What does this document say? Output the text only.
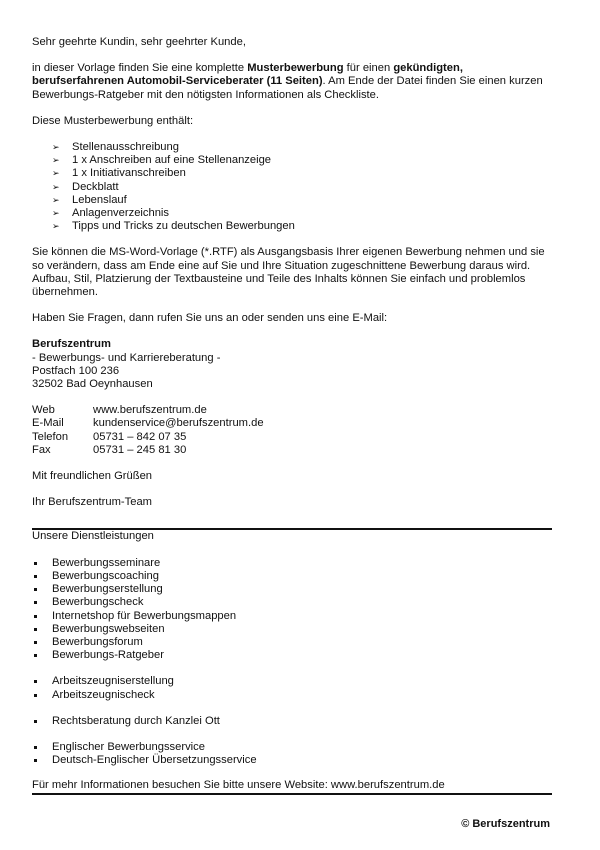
Sehr geehrte Kundin, sehr geehrter Kunde,

in dieser Vorlage finden Sie eine komplette Musterbewerbung für einen gekündigten, berufserfahrenen Automobil-Serviceberater (11 Seiten). Am Ende der Datei finden Sie einen kurzen Bewerbungs-Ratgeber mit den nötigsten Informationen als Checkliste.

Diese Musterbewerbung enthält:

➢ Stellenausschreibung
➢ 1 x Anschreiben auf eine Stellenanzeige
➢ 1 x Initiativanschreiben
➢ Deckblatt
➢ Lebenslauf
➢ Anlagenverzeichnis
➢ Tipps und Tricks zu deutschen Bewerbungen

Sie können die MS-Word-Vorlage (*.RTF) als Ausgangsbasis Ihrer eigenen Bewerbung nehmen und sie so verändern, dass am Ende eine auf Sie und Ihre Situation zugeschnittene Bewerbung daraus wird. Aufbau, Stil, Platzierung der Textbausteine und Teile des Inhalts können Sie einfach und problemlos übernehmen.

Haben Sie Fragen, dann rufen Sie uns an oder senden uns eine E-Mail:

Berufszentrum

- Bewerbungs- und Karriereberatung -

Postfach 100 236

32502 Bad Oeynhausen

Web	www.berufszentrum.de
E-Mail	kundenservice@berufszentrum.de
Telefon	05731 – 842 07 35
Fax	05731 – 245 81 30

Mit freundlichen Grüßen

Ihr Berufszentrum-Team

Unsere Dienstleistungen

Bewerbungsseminare
Bewerbungscoaching
Bewerbungserstellung
Bewerbungscheck
Internetshop für Bewerbungsmappen
Bewerbungswebseiten
Bewerbungsforum
Bewerbungs-Ratgeber
Arbeitszeugniserstellung
Arbeitszeugnischeck
Rechtsberatung durch Kanzlei Ott
Englischer Bewerbungsservice
Deutsch-Englischer Übersetzungsservice

Für mehr Informationen besuchen Sie bitte unsere Website: www.berufszentrum.de

© Berufszentrum
